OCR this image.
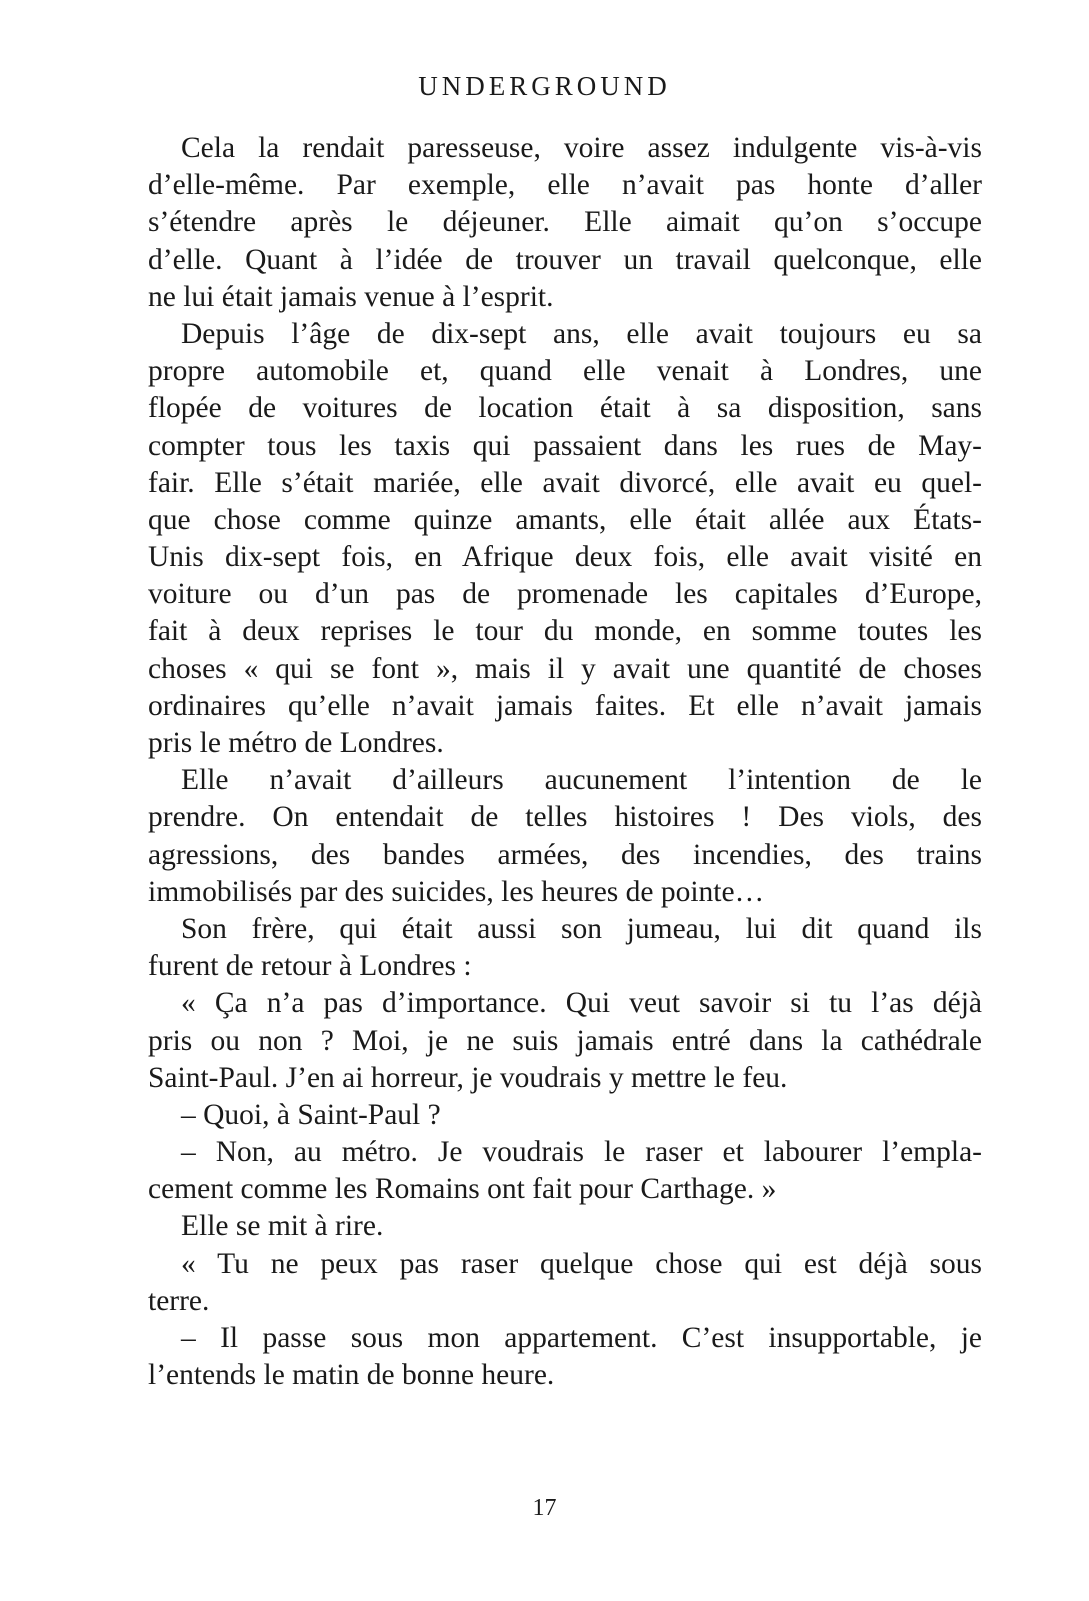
UNDERGROUND
Cela la rendait paresseuse, voire assez indulgente vis-à-vis
d’elle-même. Par exemple, elle n’avait pas honte d’aller
s’étendre après le déjeuner. Elle aimait qu’on s’occupe
d’elle. Quant à l’idée de trouver un travail quelconque, elle
ne lui était jamais venue à l’esprit.
Depuis l’âge de dix-sept ans, elle avait toujours eu sa
propre automobile et, quand elle venait à Londres, une
flopée de voitures de location était à sa disposition, sans
compter tous les taxis qui passaient dans les rues de May-
fair. Elle s’était mariée, elle avait divorcé, elle avait eu quel-
que chose comme quinze amants, elle était allée aux États-
Unis dix-sept fois, en Afrique deux fois, elle avait visité en
voiture ou d’un pas de promenade les capitales d’Europe,
fait à deux reprises le tour du monde, en somme toutes les
choses « qui se font », mais il y avait une quantité de choses
ordinaires qu’elle n’avait jamais faites. Et elle n’avait jamais
pris le métro de Londres.
Elle n’avait d’ailleurs aucunement l’intention de le
prendre. On entendait de telles histoires ! Des viols, des
agressions, des bandes armées, des incendies, des trains
immobilisés par des suicides, les heures de pointe…
Son frère, qui était aussi son jumeau, lui dit quand ils
furent de retour à Londres :
« Ça n’a pas d’importance. Qui veut savoir si tu l’as déjà
pris ou non ? Moi, je ne suis jamais entré dans la cathédrale
Saint-Paul. J’en ai horreur, je voudrais y mettre le feu.
– Quoi, à Saint-Paul ?
– Non, au métro. Je voudrais le raser et labourer l’empla-
cement comme les Romains ont fait pour Carthage. »
Elle se mit à rire.
« Tu ne peux pas raser quelque chose qui est déjà sous
terre.
– Il passe sous mon appartement. C’est insupportable, je
l’entends le matin de bonne heure.
17
